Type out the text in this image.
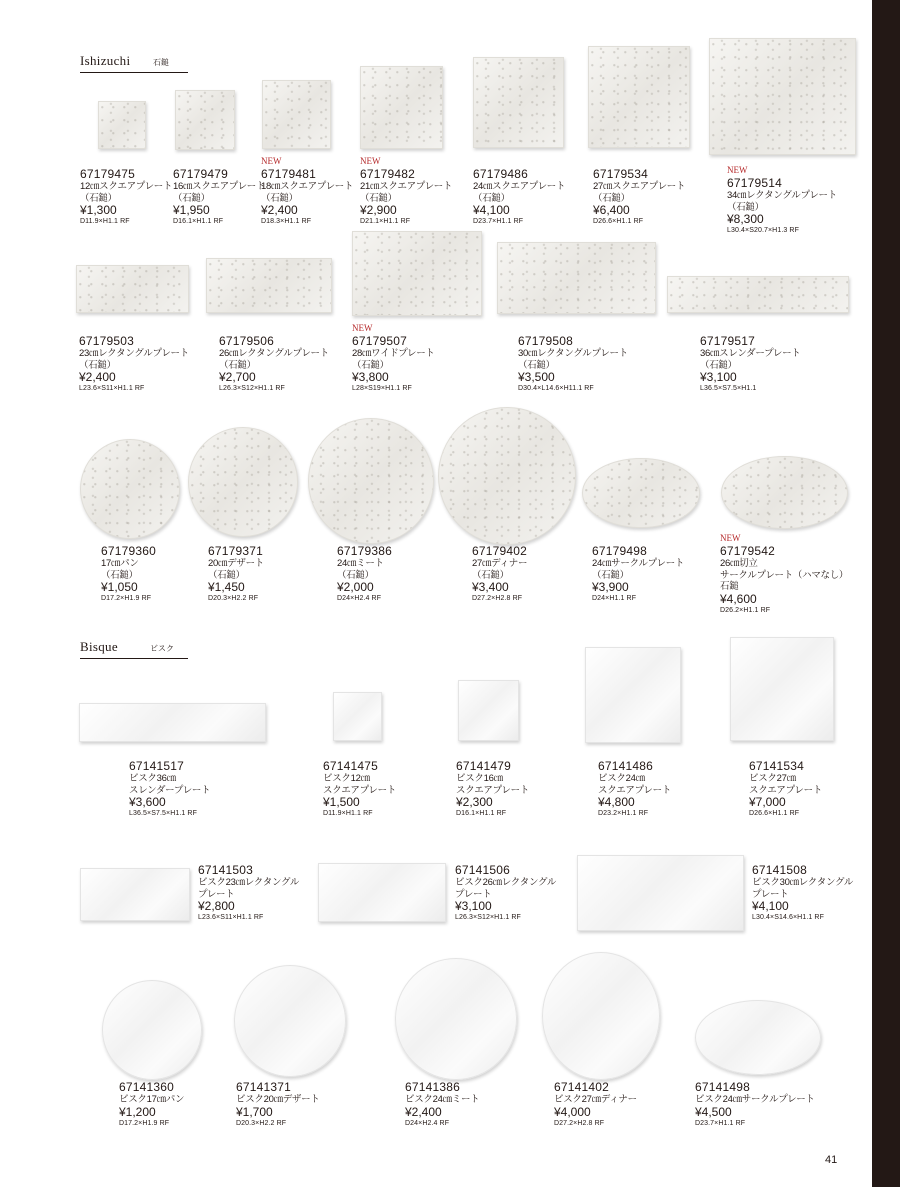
Ishizuchi	石鎚
Bisque	ビスク
67179475
12㎝スクエアプレート
（石鎚）
¥1,300
D11.9×H1.1 RF
67179479
16㎝スクエアプレート
（石鎚）
¥1,950
D16.1×H1.1 RF
NEW
67179481
18㎝スクエアプレート
（石鎚）
¥2,400
D18.3×H1.1 RF
NEW
67179482
21㎝スクエアプレート
（石鎚）
¥2,900
D21.1×H1.1 RF
67179486
24㎝スクエアプレート
（石鎚）
¥4,100
D23.7×H1.1 RF
67179534
27㎝スクエアプレート
（石鎚）
¥6,400
D26.6×H1.1 RF
NEW
67179514
34㎝レクタングルプレート
（石鎚）
¥8,300
L30.4×S20.7×H1.3 RF
67179503
23㎝レクタングルプレート
（石鎚）
¥2,400
L23.6×S11×H1.1 RF
67179506
26㎝レクタングルプレート
（石鎚）
¥2,700
L26.3×S12×H1.1 RF
NEW
67179507
28㎝ワイドプレート
（石鎚）
¥3,800
L28×S19×H1.1 RF
67179508
30㎝レクタングルプレート
（石鎚）
¥3,500
D30.4×L14.6×H11.1 RF
67179517
36㎝スレンダープレート
（石鎚）
¥3,100
L36.5×S7.5×H1.1
67179360
17㎝パン
（石鎚）
¥1,050
D17.2×H1.9 RF
67179371
20㎝デザート
（石鎚）
¥1,450
D20.3×H2.2 RF
67179386
24㎝ミート
（石鎚）
¥2,000
D24×H2.4 RF
67179402
27㎝ディナー
（石鎚）
¥3,400
D27.2×H2.8 RF
67179498
24㎝サークルプレート
（石鎚）
¥3,900
D24×H1.1 RF
NEW
67179542
26㎝切立
サークルプレート（ハマなし）
石鎚
¥4,600
D26.2×H1.1 RF
67141517
ビスク36㎝
スレンダープレート
¥3,600
L36.5×S7.5×H1.1 RF
67141475
ビスク12㎝
スクエアプレート
¥1,500
D11.9×H1.1 RF
67141479
ビスク16㎝
スクエアプレート
¥2,300
D16.1×H1.1 RF
67141486
ビスク24㎝
スクエアプレート
¥4,800
D23.2×H1.1 RF
67141534
ビスク27㎝
スクエアプレート
¥7,000
D26.6×H1.1 RF
67141503
ビスク23㎝レクタングル
プレート
¥2,800
L23.6×S11×H1.1 RF
67141506
ビスク26㎝レクタングル
プレート
¥3,100
L26.3×S12×H1.1 RF
67141508
ビスク30㎝レクタングル
プレート
¥4,100
L30.4×S14.6×H1.1 RF
67141360
ビスク17㎝パン
¥1,200
D17.2×H1.9 RF
67141371
ビスク20㎝デザート
¥1,700
D20.3×H2.2 RF
67141386
ビスク24㎝ミート
¥2,400
D24×H2.4 RF
67141402
ビスク27㎝ディナー
¥4,000
D27.2×H2.8 RF
67141498
ビスク24㎝サークルプレート
¥4,500
D23.7×H1.1 RF
41
